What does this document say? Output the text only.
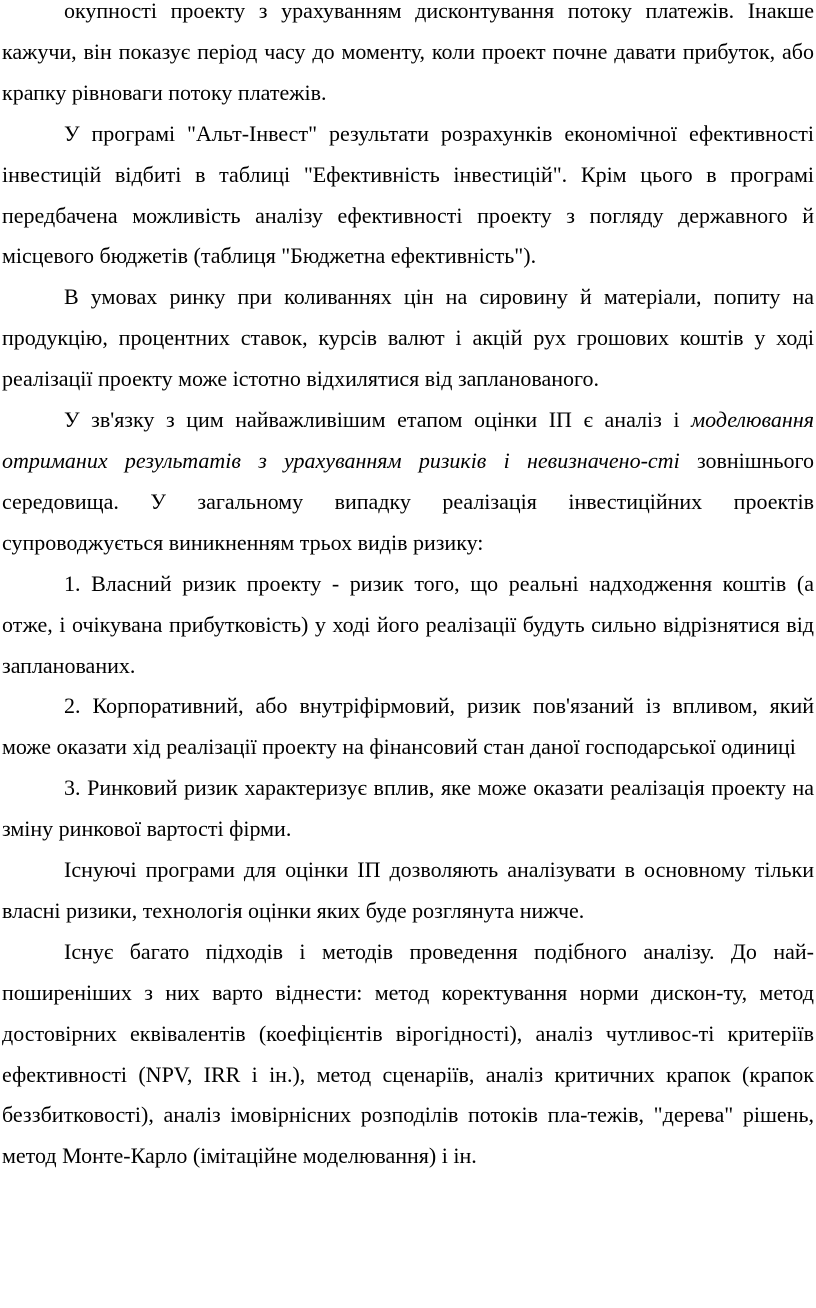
окупності проекту з урахуванням дисконтування потоку платежів. Інакше кажучи, він показує період часу до моменту, коли проект почне давати прибуток, або крапку рівноваги потоку платежів.

У програмі "Альт-Інвест" результати розрахунків економічної ефективності інвестицій відбиті в таблиці "Ефективність інвестицій". Крім цього в програмі передбачена можливість аналізу ефективності проекту з погляду державного й місцевого бюджетів (таблиця "Бюджетна ефективність").

В умовах ринку при коливаннях цін на сировину й матеріали, попиту на продукцію, процентних ставок, курсів валют і акцій рух грошових коштів у ході реалізації проекту може істотно відхилятися від запланованого.

У зв'язку з цим найважливішим етапом оцінки ІП є аналіз і моделювання отриманих результатів з урахуванням ризиків і невизначено-сті зовнішнього середовища. У загальному випадку реалізація інвестиційних проектів супроводжується виникненням трьох видів ризику:

1. Власний ризик проекту - ризик того, що реальні надходження коштів (а отже, і очікувана прибутковість) у ході його реалізації будуть сильно відрізнятися від запланованих.

2. Корпоративний, або внутріфірмовий, ризик пов'язаний із впливом, який може оказати хід реалізації проекту на фінансовий стан даної господарської одиниці

3. Ринковий ризик характеризує вплив, яке може оказати реалізація проекту на зміну ринкової вартості фірми.

Існуючі програми для оцінки ІП дозволяють аналізувати в основному тільки власні ризики, технологія оцінки яких буде розглянута нижче.

Існує багато підходів і методів проведення подібного аналізу. До най-поширеніших з них варто віднести: метод коректування норми дискон-ту, метод достовірних еквівалентів (коефіцієнтів вірогідності), аналіз чутливос-ті критеріїв ефективності (NPV, IRR і ін.), метод сценаріїв, аналіз критичних крапок (крапок беззбитковості), аналіз імовірнісних розподілів потоків пла-тежів, "дерева" рішень, метод Монте-Карло (імітаційне моделювання) і ін.
